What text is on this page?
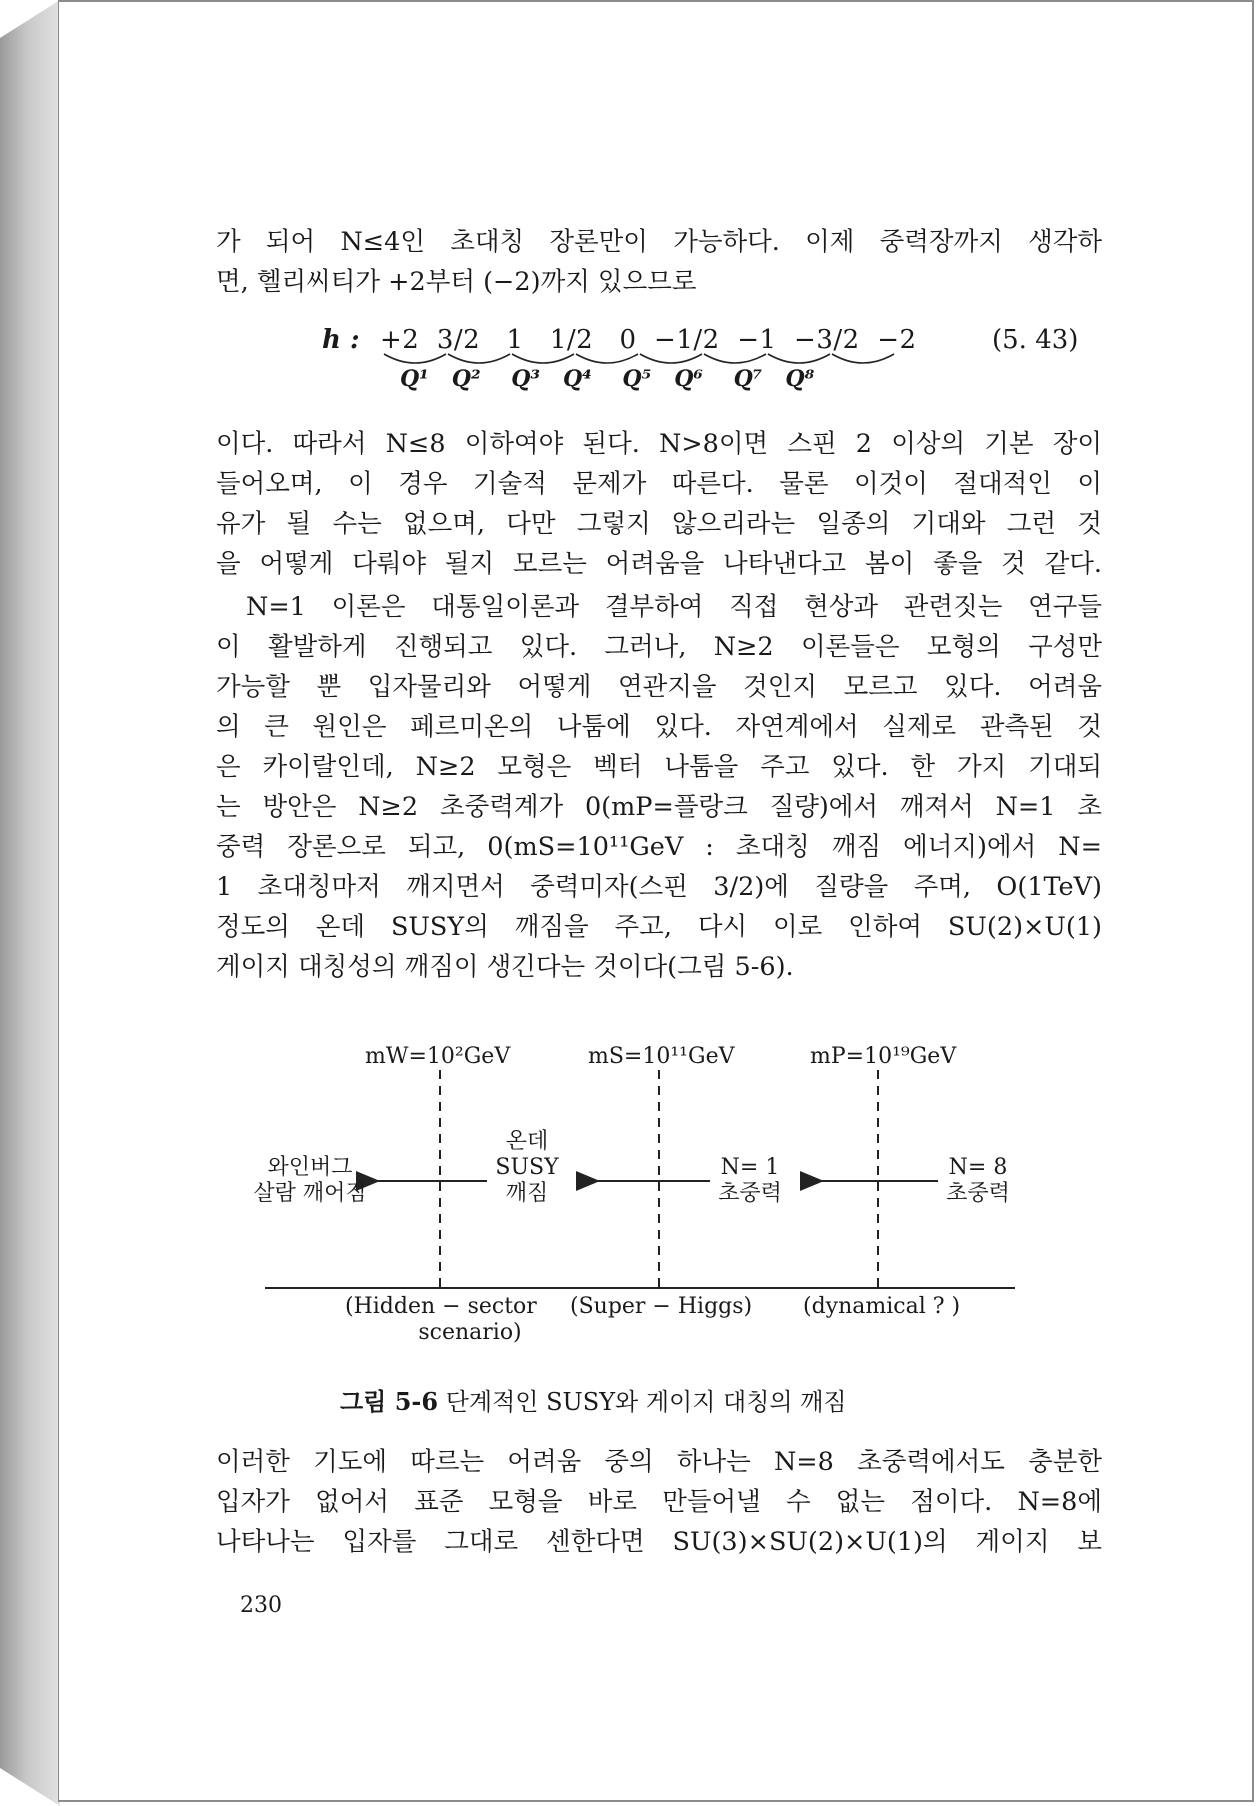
가 되어 N≤4인 초대칭 장론만이 가능하다. 이제 중력장까지 생각하

면, 헬리씨티가 +2부터 (−2)까지 있으므로

h : +2  3/2   1   1/2   0  −1/2  −1  −3/2  −2
Q¹   Q²    Q³   Q⁴    Q⁵   Q⁶    Q⁷   Q⁸
(5. 43)

이다. 따라서 N≤8 이하여야 된다. N>8이면 스핀 2 이상의 기본 장이

들어오며, 이 경우 기술적 문제가 따른다. 물론 이것이 절대적인 이

유가 될 수는 없으며, 다만 그렇지 않으리라는 일종의 기대와 그런 것

을 어떻게 다뤄야 될지 모르는 어려움을 나타낸다고 봄이 좋을 것 같다.

N=1 이론은 대통일이론과 결부하여 직접 현상과 관련짓는 연구들

이 활발하게 진행되고 있다. 그러나, N≥2 이론들은 모형의 구성만

가능할 뿐 입자물리와 어떻게 연관지을 것인지 모르고 있다. 어려움

의 큰 원인은 페르미온의 나툼에 있다. 자연계에서 실제로 관측된 것

은 카이랄인데, N≥2 모형은 벡터 나툼을 주고 있다. 한 가지 기대되

는 방안은 N≥2 초중력계가 0(mP=플랑크 질량)에서 깨져서 N=1 초

중력 장론으로 되고, 0(mS=10¹¹GeV : 초대칭 깨짐 에너지)에서 N=

1 초대칭마저 깨지면서 중력미자(스핀 3/2)에 질량을 주며, O(1TeV)

정도의 온데 SUSY의 깨짐을 주고, 다시 이로 인하여 SU(2)×U(1)

게이지 대칭성의 깨짐이 생긴다는 것이다(그림 5-6).

mW=10²GeV	mS=10¹¹GeV	mP=10¹⁹GeV
와인버그
살람 깨어짐
온데
SUSY
깨짐
N= 1
초중력
N= 8
초중력
(Hidden − sector
scenario)
(Super − Higgs) (dynamical ? )
그림 5-6 단계적인 SUSY와 게이지 대칭의 깨짐

이러한 기도에 따르는 어려움 중의 하나는 N=8 초중력에서도 충분한

입자가 없어서 표준 모형을 바로 만들어낼 수 없는 점이다. N=8에

나타나는 입자를 그대로 센한다면 SU(3)×SU(2)×U(1)의 게이지 보

230
